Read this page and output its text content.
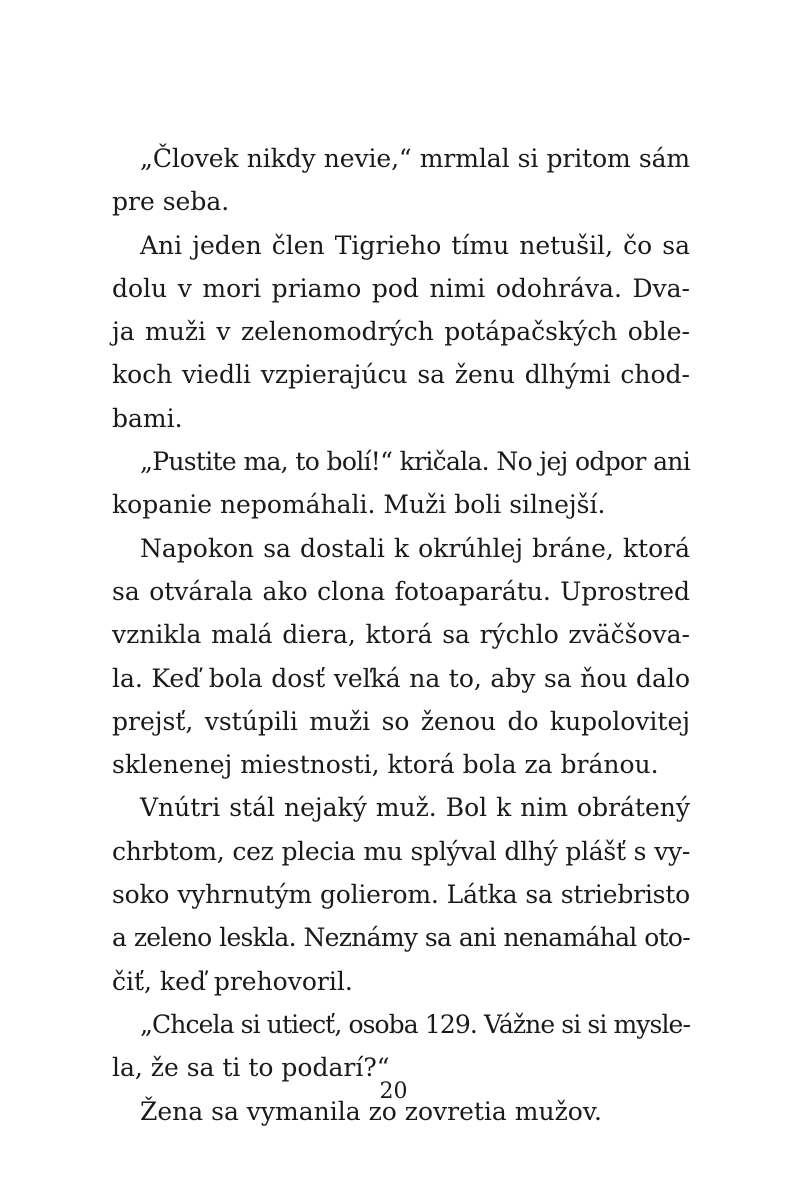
„Človek nikdy nevie,“ mrmlal si pritom sám
pre seba.
Ani jeden člen Tigrieho tímu netušil, čo sa
dolu v mori priamo pod nimi odohráva. Dva-
ja muži v zelenomodrých potápačských oble-
koch viedli vzpierajúcu sa ženu dlhými chod-
bami.
„Pustite ma, to bolí!“ kričala. No jej odpor ani
kopanie nepomáhali. Muži boli silnejší.
Napokon sa dostali k okrúhlej bráne, ktorá
sa otvárala ako clona fotoaparátu. Uprostred
vznikla malá diera, ktorá sa rýchlo zväčšova-
la. Keď bola dosť veľká na to, aby sa ňou dalo
prejsť, vstúpili muži so ženou do kupolovitej
sklenenej miestnosti, ktorá bola za bránou.
Vnútri stál nejaký muž. Bol k nim obrátený
chrbtom, cez plecia mu splýval dlhý plášť s vy-
soko vyhrnutým golierom. Látka sa striebristo
a zeleno leskla. Neznámy sa ani nenamáhal oto-
čiť, keď prehovoril.
„Chcela si utiecť, osoba 129. Vážne si si mysle-
la, že sa ti to podarí?“
Žena sa vymanila zo zovretia mužov.
20
